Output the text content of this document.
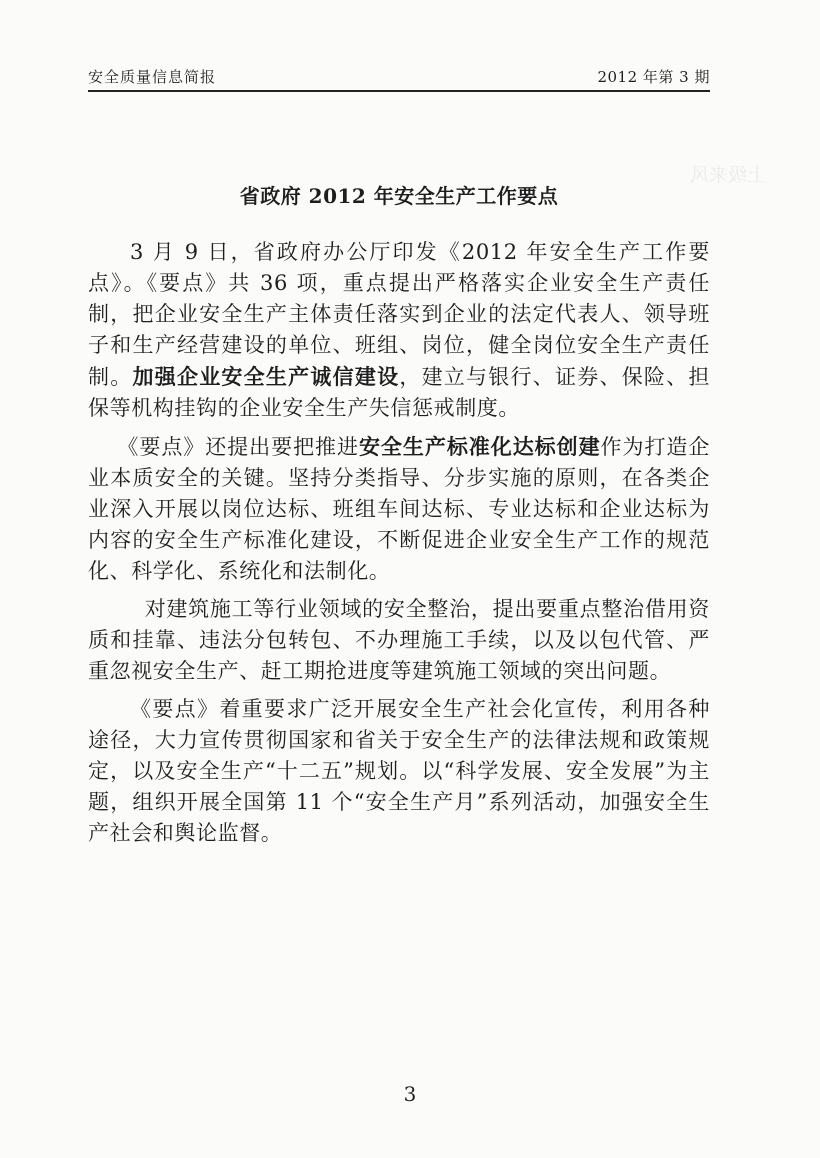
上级来风
安全质量信息简报	2012 年第 3 期
省政府 2012 年安全生产工作要点

3 月 9 日，省政府办公厅印发《2012 年安全生产工作要点》。《要点》共 36 项，重点提出严格落实企业安全生产责任制，把企业安全生产主体责任落实到企业的法定代表人、领导班子和生产经营建设的单位、班组、岗位，健全岗位安全生产责任制。加强企业安全生产诚信建设，建立与银行、证券、保险、担保等机构挂钩的企业安全生产失信惩戒制度。

《要点》还提出要把推进安全生产标准化达标创建作为打造企业本质安全的关键。坚持分类指导、分步实施的原则，在各类企业深入开展以岗位达标、班组车间达标、专业达标和企业达标为内容的安全生产标准化建设，不断促进企业安全生产工作的规范化、科学化、系统化和法制化。

对建筑施工等行业领域的安全整治，提出要重点整治借用资质和挂靠、违法分包转包、不办理施工手续，以及以包代管、严重忽视安全生产、赶工期抢进度等建筑施工领域的突出问题。

《要点》着重要求广泛开展安全生产社会化宣传，利用各种途径，大力宣传贯彻国家和省关于安全生产的法律法规和政策规定，以及安全生产“十二五”规划。以“科学发展、安全发展”为主题，组织开展全国第 11 个“安全生产月”系列活动，加强安全生产社会和舆论监督。

3
